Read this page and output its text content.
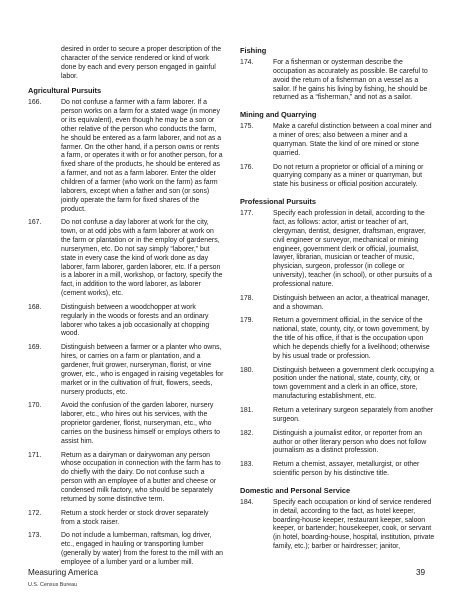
desired in order to secure a proper description of the character of the service rendered or kind of work done by each and every person engaged in gainful labor.

Agricultural Pursuits
166.	Do not confuse a farmer with a farm laborer. If a person works on a farm for a stated wage (in money or its equivalent), even though he may be a son or other relative of the person who conducts the farm, he should be entered as a farm laborer, and not as a farmer. On the other hand, if a person owns or rents a farm, or operates it with or for another person, for a fixed share of the products, he should be entered as a farmer, and not as a farm laborer. Enter the older children of a farmer (who work on the farm) as farm laborers, except when a father and son (or sons) jointly operate the farm for fixed shares of the product.
167.	Do not confuse a day laborer at work for the city, town, or at odd jobs with a farm laborer at work on the farm or plantation or in the employ of gardeners, nurserymen, etc. Do not say simply “laborer,” but state in every case the kind of work done as day laborer, farm laborer, garden laborer, etc. If a person is a laborer in a mill, workshop, or factory, specify the fact, in addition to the word laborer, as laborer (cement works), etc.
168.	Distinguish between a woodchopper at work regularly in the woods or forests and an ordinary laborer who takes a job occasionally at chopping wood.
169.	Distinguish between a farmer or a planter who owns, hires, or carries on a farm or plantation, and a gardener, fruit grower, nurseryman, florist, or vine grower, etc., who is engaged in raising vegetables for market or in the cultivation of fruit, flowers, seeds, nursery products, etc.
170.	Avoid the confusion of the garden laborer, nursery laborer, etc., who hires out his services, with the proprietor gardener, florist, nurseryman, etc., who carries on the business himself or employs others to assist him.
171.	Return as a dairyman or dairywoman any person whose occupation in connection with the farm has to do chiefly with the dairy. Do not confuse such a person with an employee of a butter and cheese or condensed milk factory, who should be separately returned by some distinctive term.
172.	Return a stock herder or stock drover separately from a stock raiser.
173.	Do not include a lumberman, raftsman, log driver, etc., engaged in hauling or transporting lumber (generally by water) from the forest to the mill with an employee of a lumber yard or a lumber mill.
Fishing
174.	For a fisherman or oysterman describe the occupation as accurately as possible. Be careful to avoid the return of a fisherman on a vessel as a sailor. If he gains his living by fishing, he should be returned as a “fisherman,” and not as a sailor.
Mining and Quarrying
175.	Make a careful distinction between a coal miner and a miner of ores; also between a miner and a quarryman. State the kind of ore mined or stone quarried.
176.	Do not return a proprietor or official of a mining or quarrying company as a miner or quarryman, but state his business or official position accurately.
Professional Pursuits
177.	Specify each profession in detail, according to the fact, as follows: actor, artist or teacher of art, clergyman, dentist, designer, draftsman, engraver, civil engineer or surveyor, mechanical or mining engineer, government clerk or official, journalist, lawyer, librarian, musician or teacher of music, physician, surgeon, professor (in college or university), teacher (in school), or other pursuits of a professional nature.
178.	Distinguish between an actor, a theatrical manager, and a showman.
179.	Return a government official, in the service of the national, state, county, city, or town government, by the title of his office, if that is the occupation upon which he depends chiefly for a livelihood; otherwise by his usual trade or profession.
180.	Distinguish between a government clerk occupying a position under the national, state, county, city, or town government and a clerk in an office, store, manufacturing establishment, etc.
181.	Return a veterinary surgeon separately from another surgeon.
182.	Distinguish a journalist editor, or reporter from an author or other literary person who does not follow journalism as a distinct profession.
183.	Return a chemist, assayer, metallurgist, or other scientific person by his distinctive title.
Domestic and Personal Service
184.	Specify each occupation or kind of service rendered in detail, according to the fact, as hotel keeper, boarding-house keeper, restaurant keeper, saloon keeper, or bartender; housekeeper, cook, or servant (in hotel, boarding-house, hospital, institution, private family, etc.); barber or hairdresser; janitor,
Measuring America
U.S. Census Bureau
39
